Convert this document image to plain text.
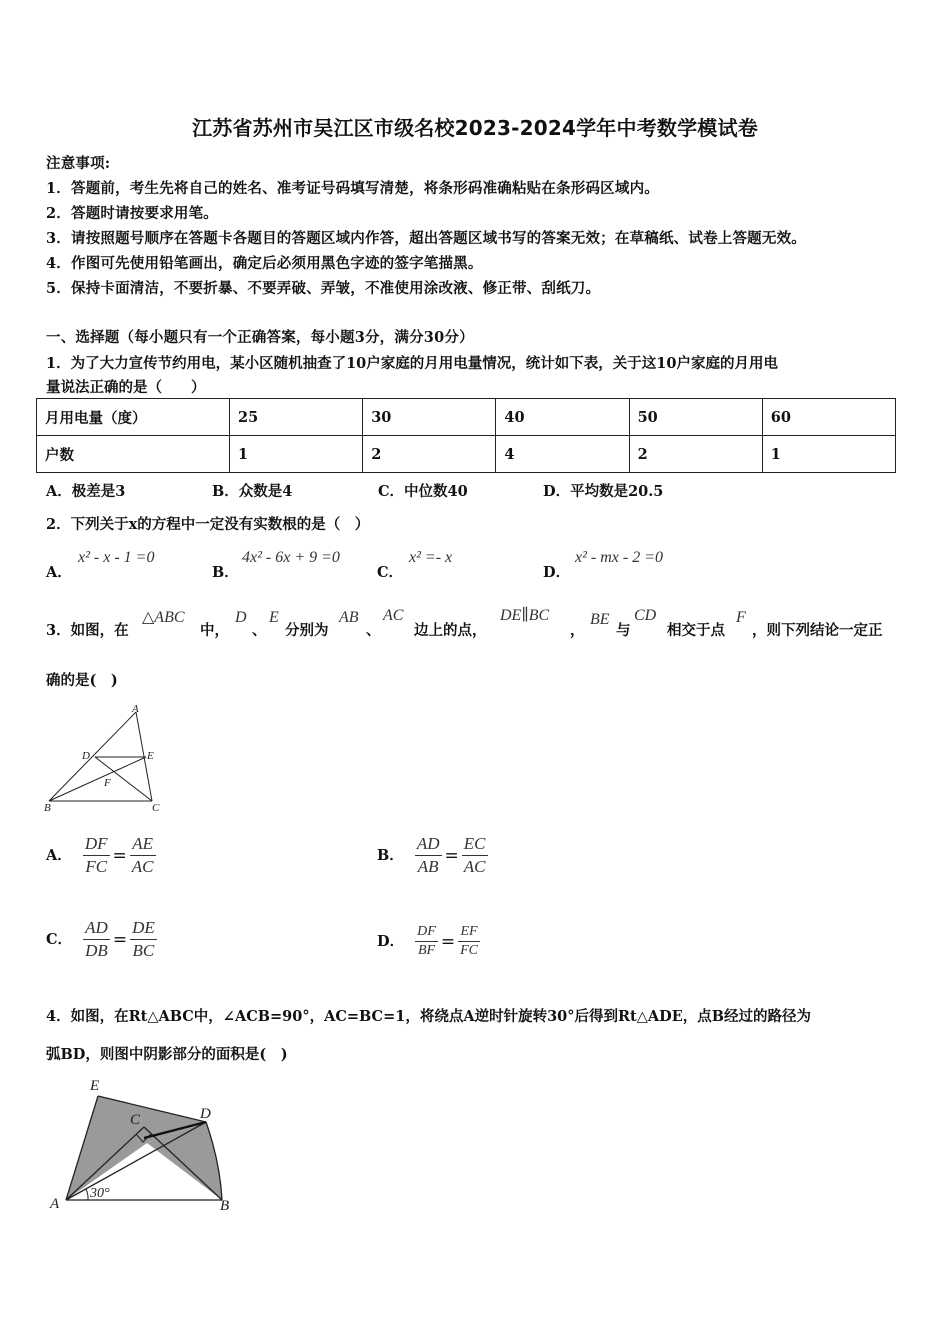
江苏省苏州市吴江区市级名校2023-2024学年中考数学模试卷
注意事项:
1．答题前，考生先将自己的姓名、准考证号码填写清楚，将条形码准确粘贴在条形码区域内。
2．答题时请按要求用笔。
3．请按照题号顺序在答题卡各题目的答题区域内作答，超出答题区域书写的答案无效；在草稿纸、试卷上答题无效。
4．作图可先使用铅笔画出，确定后必须用黑色字迹的签字笔描黑。
5．保持卡面清洁，不要折暴、不要弄破、弄皱，不准使用涂改液、修正带、刮纸刀。
一、选择题（每小题只有一个正确答案，每小题3分，满分30分）
1．为了大力宣传节约用电，某小区随机抽查了10户家庭的月用电量情况，统计如下表，关于这10户家庭的月用电
量说法正确的是（　　）
月用电量（度）	25	30	40	50	60
户数	1	2	4	2	1
A．极差是3	B．众数是4	C．中位数40	D．平均数是20.5
2．下列关于x的方程中一定没有实数根的是（　）
A．
x² - x - 1 =0
B．
4x² - 6x + 9 =0
C．
x² =- x
D．
x² - mx - 2 =0
3．如图，在
△ABC
中，
D
、
E
分别为
AB
、
AC
边上的点，
DE∥BC
，
BE
与
CD
相交于点
F
，则下列结论一定正
确的是(　)
A
D	E
F
B	C
A． $\frac{DF}{FC} = \frac{AE}{AC}$	B． $\frac{AD}{AB} = \frac{EC}{AC}$
C． $\frac{AD}{DB} = \frac{DE}{BC}$	D． $\frac{DF}{BF} = \frac{EF}{FC}$
4．如图，在Rt△ABC中，∠ACB=90°，AC=BC=1，将绕点A逆时针旋转30°后得到Rt△ADE，点B经过的路径为
弧BD，则图中阴影部分的面积是(　)
E
C	D
A
30°
B
